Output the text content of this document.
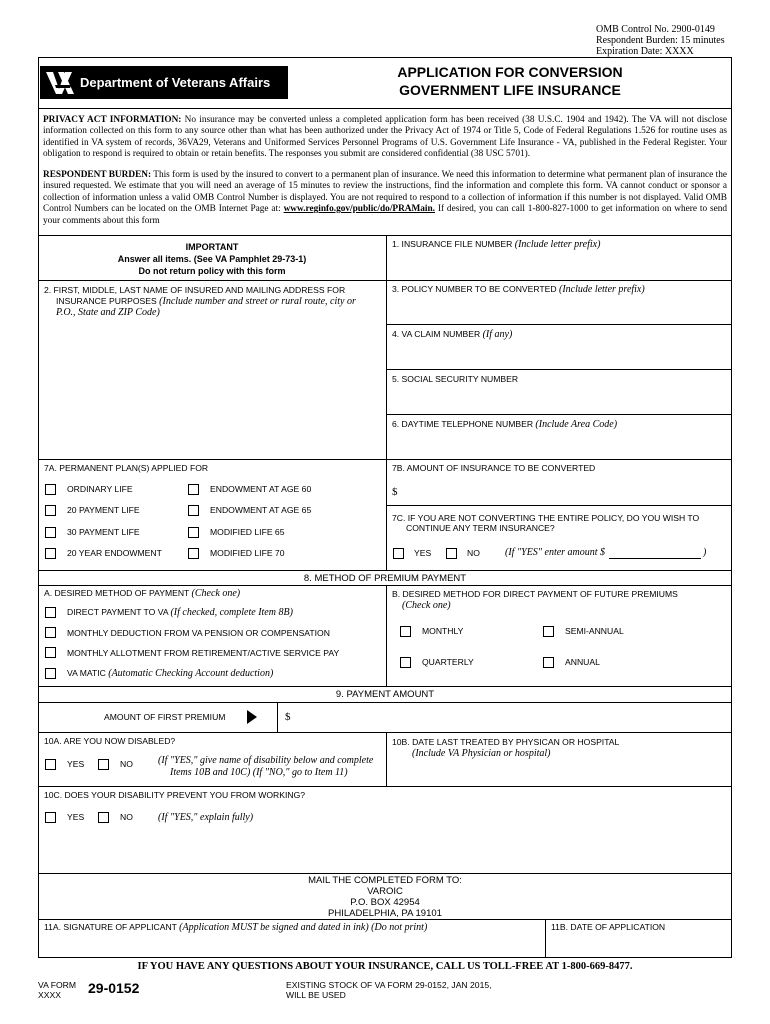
OMB Control No. 2900-0149
Respondent Burden: 15 minutes
Expiration Date: XXXX
Department of Veterans Affairs
APPLICATION FOR CONVERSION
GOVERNMENT LIFE INSURANCE
PRIVACY ACT INFORMATION: No insurance may be converted unless a completed application form has been received (38 U.S.C. 1904 and 1942). The VA will not disclose information collected on this form to any source other than what has been authorized under the Privacy Act of 1974 or Title 5, Code of Federal Regulations 1.526 for routine uses as identified in VA system of records, 36VA29, Veterans and Uniformed Services Personnel Programs of U.S. Government Life Insurance - VA, published in the Federal Register. Your obligation to respond is required to obtain or retain benefits. The responses you submit are considered confidential (38 USC 5701).
RESPONDENT BURDEN: This form is used by the insured to convert to a permanent plan of insurance. We need this information to determine what permanent plan of insurance the insured requested. We estimate that you will need an average of 15 minutes to review the instructions, find the information and complete this form. VA cannot conduct or sponsor a collection of information unless a valid OMB Control Number is displayed. You are not required to respond to a collection of information if this number is not displayed. Valid OMB Control Numbers can be located on the OMB Internet Page at: www.reginfo.gov/public/do/PRAMain. If desired, you can call 1-800-827-1000 to get information on where to send your comments about this form
IMPORTANT
Answer all items. (See VA Pamphlet 29-73-1)
Do not return policy with this form
1. INSURANCE FILE NUMBER (Include letter prefix)
2. FIRST, MIDDLE, LAST NAME OF INSURED AND MAILING ADDRESS FOR
INSURANCE PURPOSES (Include number and street or rural route, city or
P.O., State and ZIP Code)
3. POLICY NUMBER TO BE CONVERTED (Include letter prefix)
4. VA CLAIM NUMBER (If any)
5. SOCIAL SECURITY NUMBER
6. DAYTIME TELEPHONE NUMBER (Include Area Code)
7A. PERMANENT PLAN(S) APPLIED FOR
ORDINARY LIFE
20 PAYMENT LIFE
30 PAYMENT LIFE
20 YEAR ENDOWMENT
ENDOWMENT AT AGE 60
ENDOWMENT AT AGE 65
MODIFIED LIFE 65
MODIFIED LIFE 70
7B. AMOUNT OF INSURANCE TO BE CONVERTED
$
7C. IF YOU ARE NOT CONVERTING THE ENTIRE POLICY, DO YOU WISH TO
CONTINUE ANY TERM INSURANCE?
YES	NO	(If "YES" enter amount $	)
8. METHOD OF PREMIUM PAYMENT
A. DESIRED METHOD OF PAYMENT (Check one)
DIRECT PAYMENT TO VA (If checked, complete Item 8B)
MONTHLY DEDUCTION FROM VA PENSION OR COMPENSATION
MONTHLY ALLOTMENT FROM RETIREMENT/ACTIVE SERVICE PAY
VA MATIC (Automatic Checking Account deduction)
B. DESIRED METHOD FOR DIRECT PAYMENT OF FUTURE PREMIUMS
(Check one)
MONTHLY	SEMI-ANNUAL
QUARTERLY	ANNUAL
9. PAYMENT AMOUNT
AMOUNT OF FIRST PREMIUM	$
10A. ARE YOU NOW DISABLED?
YES	NO	(If "YES," give name of disability below and complete
Items 10B and 10C) (If "NO," go to Item 11)
10B. DATE LAST TREATED BY PHYSICAN OR HOSPITAL
(Include VA Physician or hospital)
10C. DOES YOUR DISABILITY PREVENT YOU FROM WORKING?
YES	NO	(If "YES," explain fully)
MAIL THE COMPLETED FORM TO:
VAROIC
P.O. BOX 42954
PHILADELPHIA, PA 19101
11A. SIGNATURE OF APPLICANT (Application MUST be signed and dated in ink) (Do not print)	11B. DATE OF APPLICATION
IF YOU HAVE ANY QUESTIONS ABOUT YOUR INSURANCE, CALL US TOLL-FREE AT 1-800-669-8477.
VA FORM
XXXX 29-0152	EXISTING STOCK OF VA FORM 29-0152, JAN 2015,
WILL BE USED
